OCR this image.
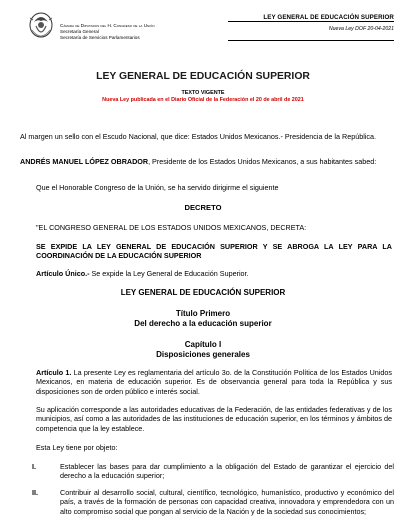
Cámara de Diputados del H. Congreso de la Unión
Secretaría General
Secretaría de Servicios Parlamentarios
LEY GENERAL DE EDUCACIÓN SUPERIOR
Nueva Ley DOF 20-04-2021
LEY GENERAL DE EDUCACIÓN SUPERIOR
TEXTO VIGENTE
Nueva Ley publicada en el Diario Oficial de la Federación el 20 de abril de 2021
Al margen un sello con el Escudo Nacional, que dice: Estados Unidos Mexicanos.- Presidencia de la República.
ANDRÉS MANUEL LÓPEZ OBRADOR, Presidente de los Estados Unidos Mexicanos, a sus habitantes sabed:
Que el Honorable Congreso de la Unión, se ha servido dirigirme el siguiente
DECRETO
"EL CONGRESO GENERAL DE LOS ESTADOS UNIDOS MEXICANOS, DECRETA:
SE EXPIDE LA LEY GENERAL DE EDUCACIÓN SUPERIOR Y SE ABROGA LA LEY PARA LA COORDINACIÓN DE LA EDUCACIÓN SUPERIOR
Artículo Único.- Se expide la Ley General de Educación Superior.
LEY GENERAL DE EDUCACIÓN SUPERIOR
Título Primero
Del derecho a la educación superior
Capítulo I
Disposiciones generales
Artículo 1. La presente Ley es reglamentaria del artículo 3o. de la Constitución Política de los Estados Unidos Mexicanos, en materia de educación superior. Es de observancia general para toda la República y sus disposiciones son de orden público e interés social.
Su aplicación corresponde a las autoridades educativas de la Federación, de las entidades federativas y de los municipios, así como a las autoridades de las instituciones de educación superior, en los términos y ámbitos de competencia que la ley establece.
Esta Ley tiene por objeto:
I.	Establecer las bases para dar cumplimiento a la obligación del Estado de garantizar el ejercicio del derecho a la educación superior;
II.	Contribuir al desarrollo social, cultural, científico, tecnológico, humanístico, productivo y económico del país, a través de la formación de personas con capacidad creativa, innovadora y emprendedora con un alto compromiso social que pongan al servicio de la Nación y de la sociedad sus conocimientos;
